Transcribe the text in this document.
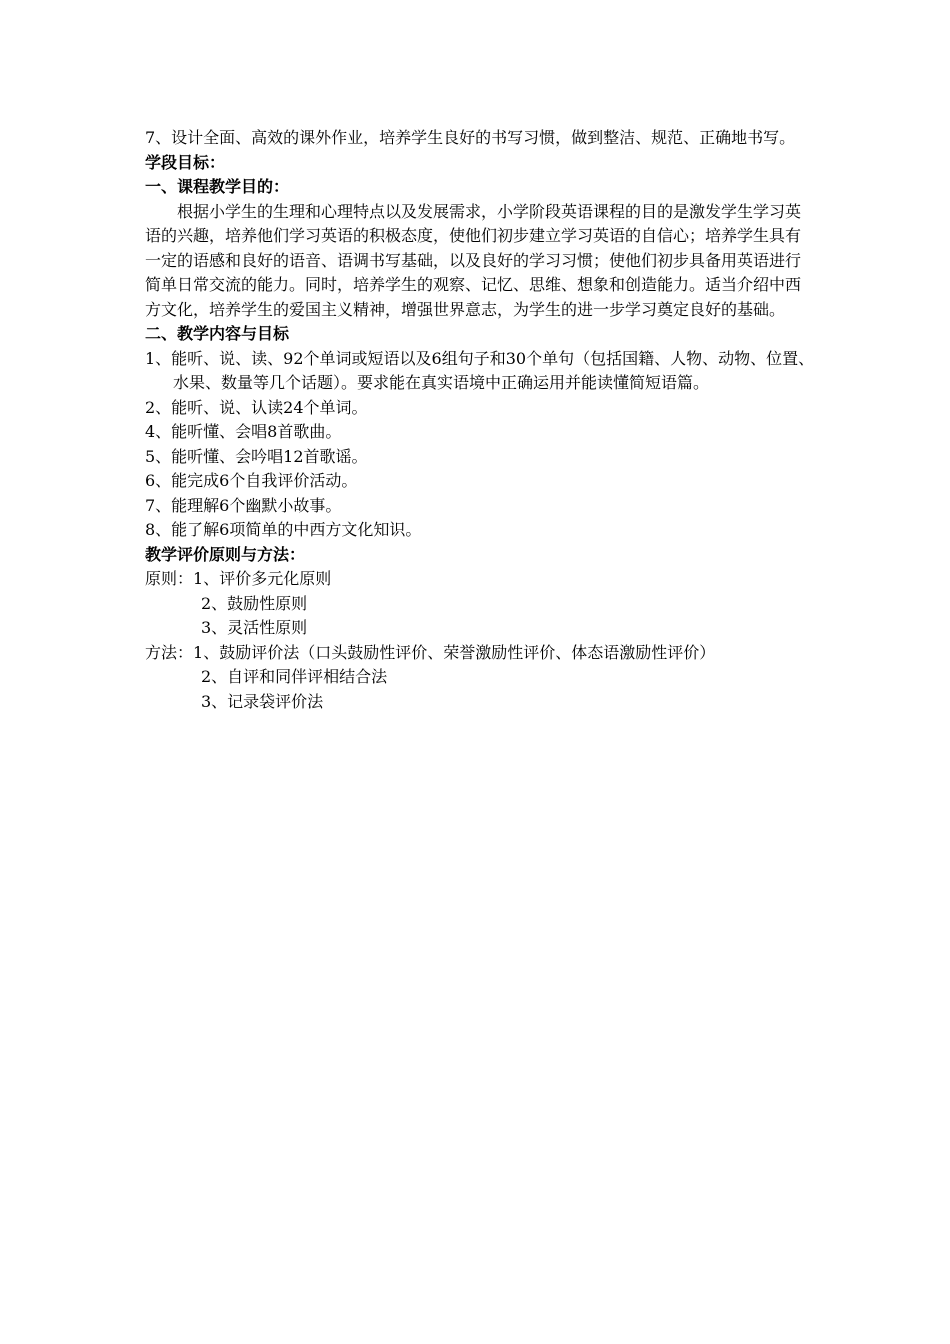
7、设计全面、高效的课外作业，培养学生良好的书写习惯，做到整洁、规范、正确地书写。

学段目标：

一、课程教学目的：

根据小学生的生理和心理特点以及发展需求，小学阶段英语课程的目的是激发学生学习英语的兴趣，培养他们学习英语的积极态度，使他们初步建立学习英语的自信心；培养学生具有一定的语感和良好的语音、语调书写基础，以及良好的学习习惯；使他们初步具备用英语进行简单日常交流的能力。同时，培养学生的观察、记忆、思维、想象和创造能力。适当介绍中西方文化，培养学生的爱国主义精神，增强世界意志，为学生的进一步学习奠定良好的基础。

二、教学内容与目标

1、能听、说、读、92个单词或短语以及6组句子和30个单句（包括国籍、人物、动物、位置、水果、数量等几个话题）。要求能在真实语境中正确运用并能读懂简短语篇。

2、能听、说、认读24个单词。

4、能听懂、会唱8首歌曲。

5、能听懂、会吟唱12首歌谣。

6、能完成6个自我评价活动。

7、能理解6个幽默小故事。

8、能了解6项简单的中西方文化知识。

教学评价原则与方法：

原则： 1、评价多元化原则

2、鼓励性原则

3、灵活性原则

方法： 1、鼓励评价法（口头鼓励性评价、荣誉激励性评价、体态语激励性评价）

2、自评和同伴评相结合法

3、记录袋评价法
